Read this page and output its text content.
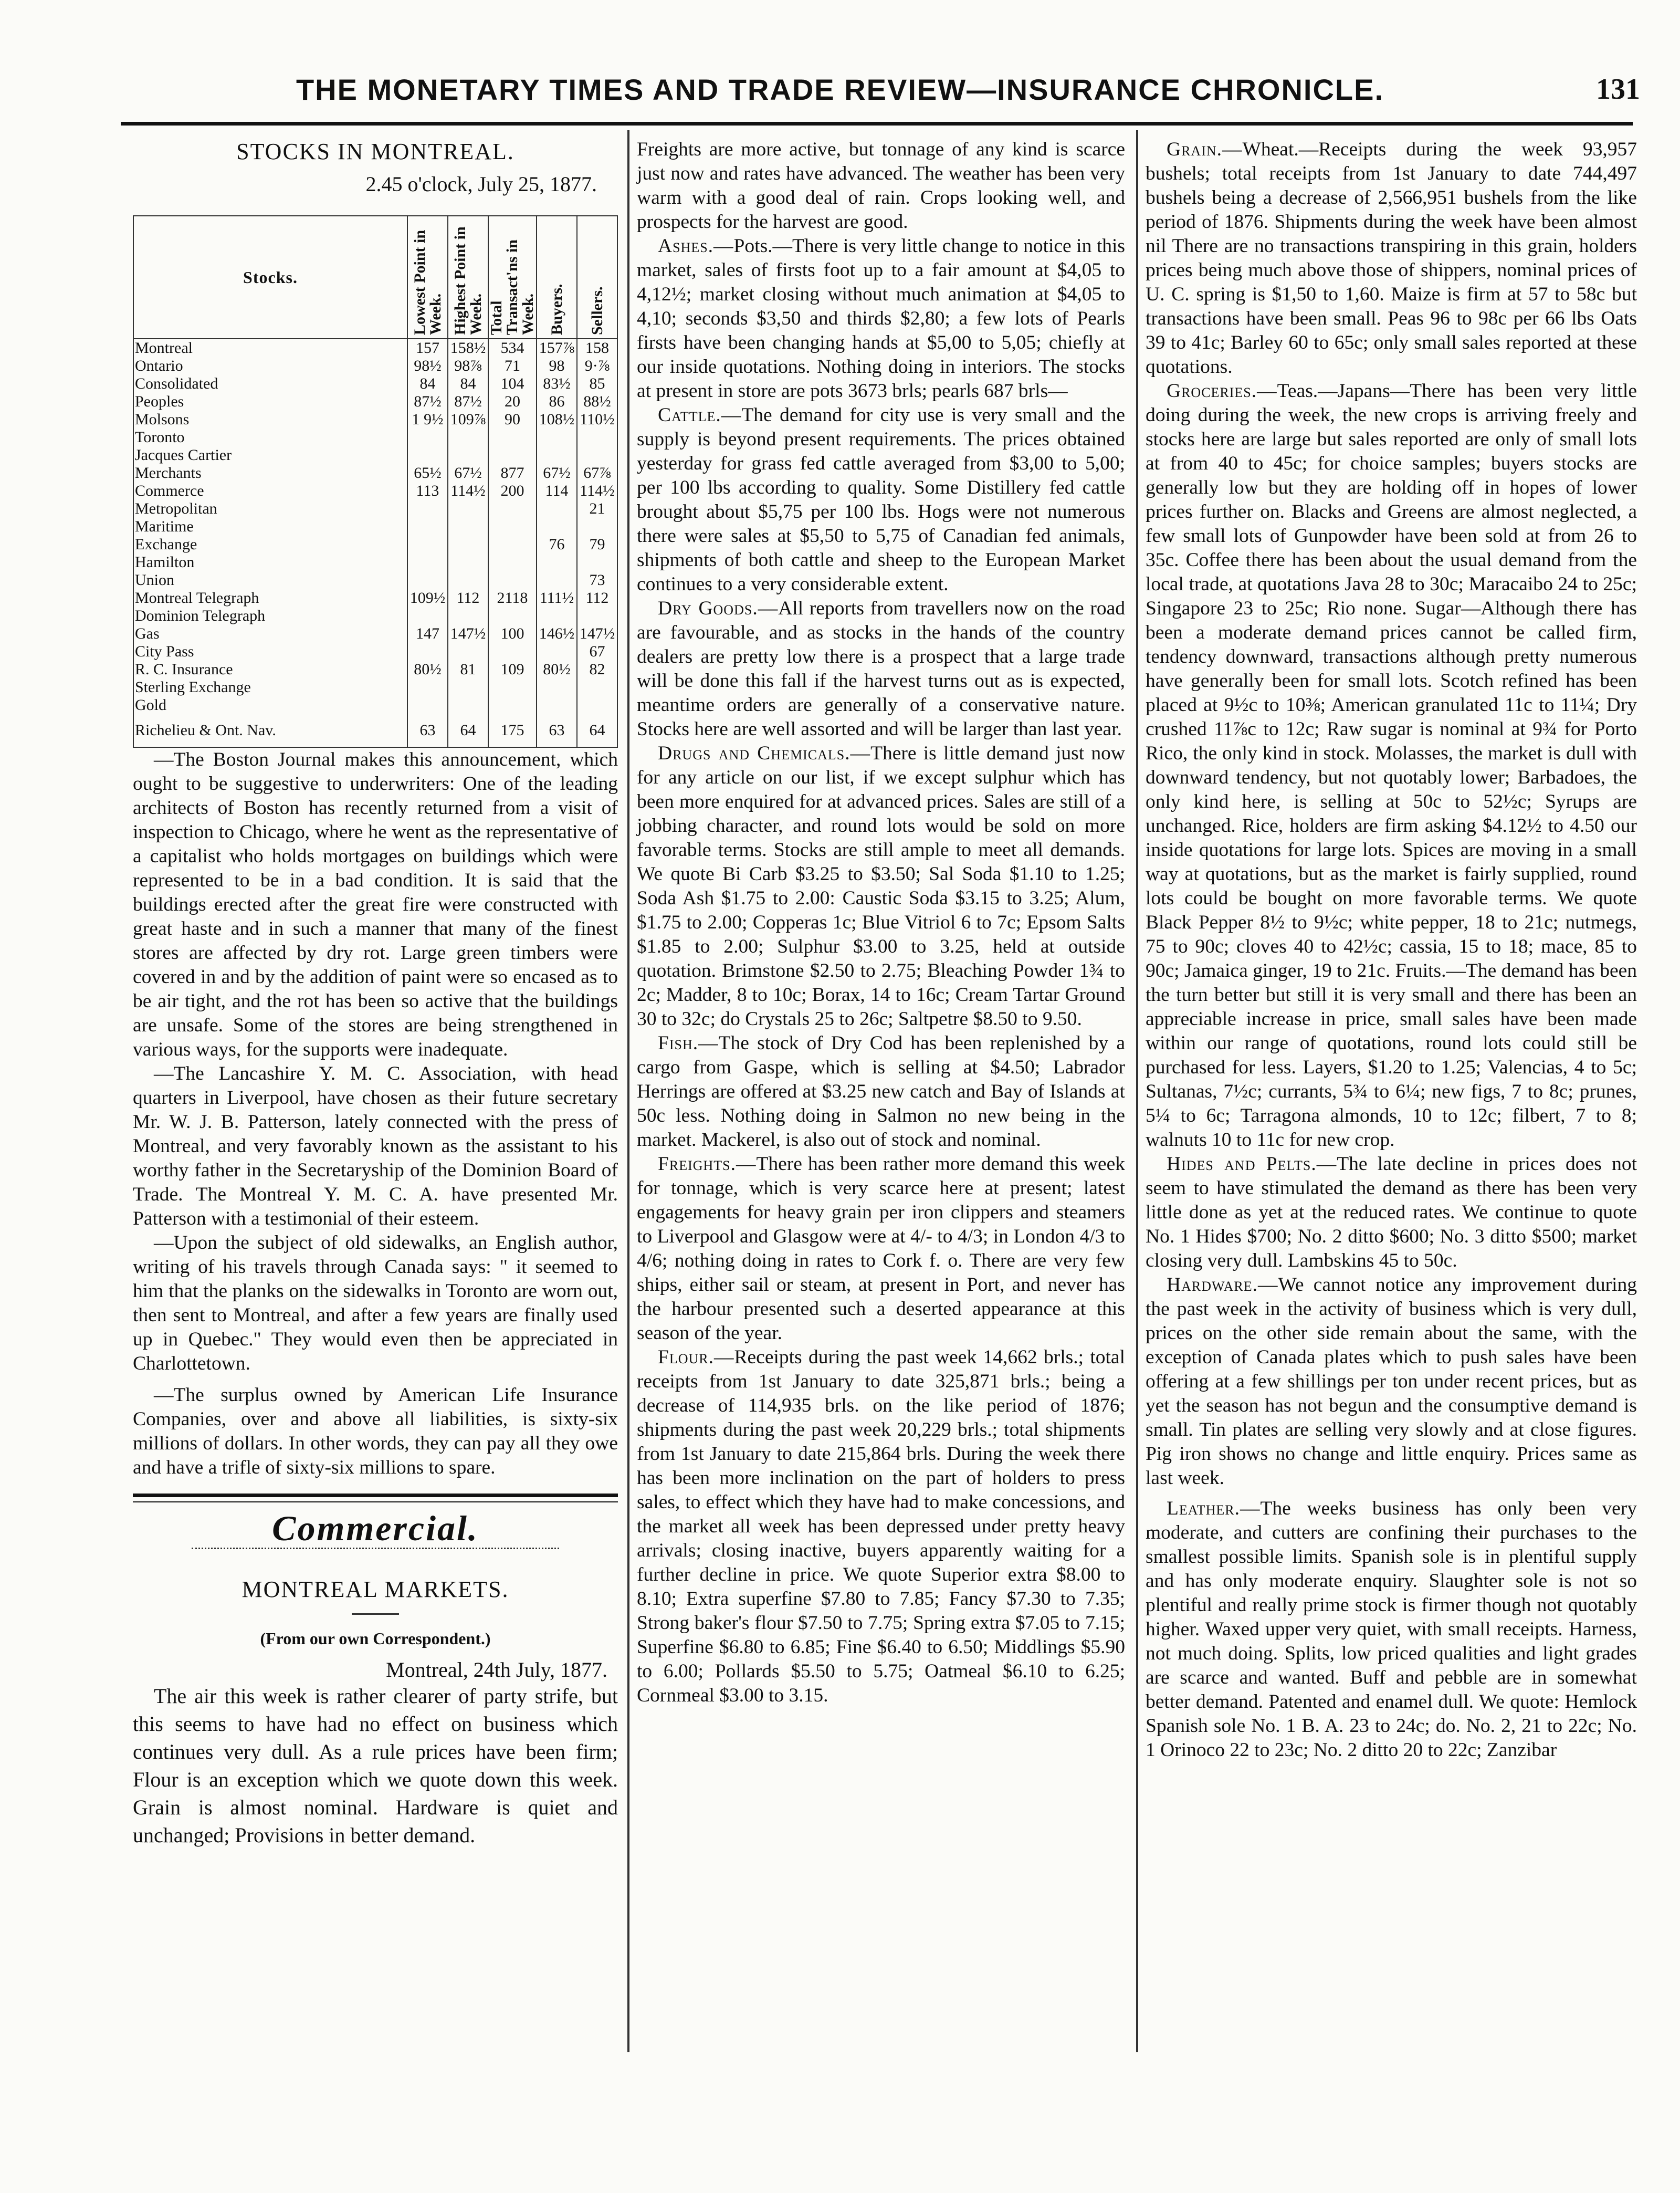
THE MONETARY TIMES AND TRADE REVIEW—INSURANCE CHRONICLE.	131
STOCKS IN MONTREAL.
2.45 o'clock, July 25, 1877.
Stocks.	Lowest Point in Week.	Highest Point in Week.	Total Transact'ns in Week.	Buyers.	Sellers.

Montreal	157	158½	534	157⅞	158
Ontario	98½	98⅞	71	98	9·⅞
Consolidated	84	84	104	83½	85
Peoples	87½	87½	20	86	88½
Molsons	1 9½	109⅞	90	108½	110½
Toronto					
Jacques Cartier					
Merchants	65½	67½	877	67½	67⅞
Commerce	113	114½	200	114	114½
Metropolitan					21
Maritime					
Exchange				76	79
Hamilton					
Union					73
Montreal Telegraph	109½	112	2118	111½	112
Dominion Telegraph					
Gas	147	147½	100	146½	147½
City Pass					67
R. C. Insurance	80½	81	109	80½	82
Sterling Exchange					
Gold					
Richelieu & Ont. Nav.	63	64	175	63	64

—The Boston Journal makes this announcement, which ought to be suggestive to underwriters: One of the leading architects of Boston has recently returned from a visit of inspection to Chicago, where he went as the representative of a capitalist who holds mortgages on buildings which were represented to be in a bad condition. It is said that the buildings erected after the great fire were constructed with great haste and in such a manner that many of the finest stores are affected by dry rot. Large green timbers were covered in and by the addition of paint were so encased as to be air tight, and the rot has been so active that the buildings are unsafe. Some of the stores are being strengthened in various ways, for the supports were inadequate.

—The Lancashire Y. M. C. Association, with head quarters in Liverpool, have chosen as their future secretary Mr. W. J. B. Patterson, lately connected with the press of Montreal, and very favorably known as the assistant to his worthy father in the Secretaryship of the Dominion Board of Trade. The Montreal Y. M. C. A. have presented Mr. Patterson with a testimonial of their esteem.

—Upon the subject of old sidewalks, an English author, writing of his travels through Canada says: " it seemed to him that the planks on the sidewalks in Toronto are worn out, then sent to Montreal, and after a few years are finally used up in Quebec." They would even then be appreciated in Charlottetown.

—The surplus owned by American Life Insurance Companies, over and above all liabilities, is sixty-six millions of dollars. In other words, they can pay all they owe and have a trifle of sixty-six millions to spare.

Commercial.
MONTREAL MARKETS.
(From our own Correspondent.)
Montreal, 24th July, 1877.

The air this week is rather clearer of party strife, but this seems to have had no effect on business which continues very dull. As a rule prices have been firm; Flour is an exception which we quote down this week. Grain is almost nominal. Hardware is quiet and unchanged; Provisions in better demand.

Freights are more active, but tonnage of any kind is scarce just now and rates have advanced. The weather has been very warm with a good deal of rain. Crops looking well, and prospects for the harvest are good.

Ashes.—Pots.—There is very little change to notice in this market, sales of firsts foot up to a fair amount at $4,05 to 4,12½; market closing without much animation at $4,05 to 4,10; seconds $3,50 and thirds $2,80; a few lots of Pearls firsts have been changing hands at $5,00 to 5,05; chiefly at our inside quotations. Nothing doing in interiors. The stocks at present in store are pots 3673 brls; pearls 687 brls—

Cattle.—The demand for city use is very small and the supply is beyond present requirements. The prices obtained yesterday for grass fed cattle averaged from $3,00 to 5,00; per 100 lbs according to quality. Some Distillery fed cattle brought about $5,75 per 100 lbs. Hogs were not numerous there were sales at $5,50 to 5,75 of Canadian fed animals, shipments of both cattle and sheep to the European Market continues to a very considerable extent.

Dry Goods.—All reports from travellers now on the road are favourable, and as stocks in the hands of the country dealers are pretty low there is a prospect that a large trade will be done this fall if the harvest turns out as is expected, meantime orders are generally of a conservative nature. Stocks here are well assorted and will be larger than last year.

Drugs and Chemicals.—There is little demand just now for any article on our list, if we except sulphur which has been more enquired for at advanced prices. Sales are still of a jobbing character, and round lots would be sold on more favorable terms. Stocks are still ample to meet all demands. We quote Bi Carb $3.25 to $3.50; Sal Soda $1.10 to 1.25; Soda Ash $1.75 to 2.00: Caustic Soda $3.15 to 3.25; Alum, $1.75 to 2.00; Copperas 1c; Blue Vitriol 6 to 7c; Epsom Salts $1.85 to 2.00; Sulphur $3.00 to 3.25, held at outside quotation. Brimstone $2.50 to 2.75; Bleaching Powder 1¾ to 2c; Madder, 8 to 10c; Borax, 14 to 16c; Cream Tartar Ground 30 to 32c; do Crystals 25 to 26c; Saltpetre $8.50 to 9.50.

Fish.—The stock of Dry Cod has been replenished by a cargo from Gaspe, which is selling at $4.50; Labrador Herrings are offered at $3.25 new catch and Bay of Islands at 50c less. Nothing doing in Salmon no new being in the market. Mackerel, is also out of stock and nominal.

Freights.—There has been rather more demand this week for tonnage, which is very scarce here at present; latest engagements for heavy grain per iron clippers and steamers to Liverpool and Glasgow were at 4/- to 4/3; in London 4/3 to 4/6; nothing doing in rates to Cork f. o. There are very few ships, either sail or steam, at present in Port, and never has the harbour presented such a deserted appearance at this season of the year.

Flour.—Receipts during the past week 14,662 brls.; total receipts from 1st January to date 325,871 brls.; being a decrease of 114,935 brls. on the like period of 1876; shipments during the past week 20,229 brls.; total shipments from 1st January to date 215,864 brls. During the week there has been more inclination on the part of holders to press sales, to effect which they have had to make concessions, and the market all week has been depressed under pretty heavy arrivals; closing inactive, buyers apparently waiting for a further decline in price. We quote Superior extra $8.00 to 8.10; Extra superfine $7.80 to 7.85; Fancy $7.30 to 7.35; Strong baker's flour $7.50 to 7.75; Spring extra $7.05 to 7.15; Superfine $6.80 to 6.85; Fine $6.40 to 6.50; Middlings $5.90 to 6.00; Pollards $5.50 to 5.75; Oatmeal $6.10 to 6.25; Cornmeal $3.00 to 3.15.

Grain.—Wheat.—Receipts during the week 93,957 bushels; total receipts from 1st January to date 744,497 bushels being a decrease of 2,566,951 bushels from the like period of 1876. Shipments during the week have been almost nil There are no transactions transpiring in this grain, holders prices being much above those of shippers, nominal prices of U. C. spring is $1,50 to 1,60. Maize is firm at 57 to 58c but transactions have been small. Peas 96 to 98c per 66 lbs Oats 39 to 41c; Barley 60 to 65c; only small sales reported at these quotations.

Groceries.—Teas.—Japans—There has been very little doing during the week, the new crops is arriving freely and stocks here are large but sales reported are only of small lots at from 40 to 45c; for choice samples; buyers stocks are generally low but they are holding off in hopes of lower prices further on. Blacks and Greens are almost neglected, a few small lots of Gunpowder have been sold at from 26 to 35c. Coffee there has been about the usual demand from the local trade, at quotations Java 28 to 30c; Maracaibo 24 to 25c; Singapore 23 to 25c; Rio none. Sugar—Although there has been a moderate demand prices cannot be called firm, tendency downward, transactions although pretty numerous have generally been for small lots. Scotch refined has been placed at 9½c to 10⅜; American granulated 11c to 11¼; Dry crushed 11⅞c to 12c; Raw sugar is nominal at 9¾ for Porto Rico, the only kind in stock. Molasses, the market is dull with downward tendency, but not quotably lower; Barbadoes, the only kind here, is selling at 50c to 52½c; Syrups are unchanged. Rice, holders are firm asking $4.12½ to 4.50 our inside quotations for large lots. Spices are moving in a small way at quotations, but as the market is fairly supplied, round lots could be bought on more favorable terms. We quote Black Pepper 8½ to 9½c; white pepper, 18 to 21c; nutmegs, 75 to 90c; cloves 40 to 42½c; cassia, 15 to 18; mace, 85 to 90c; Jamaica ginger, 19 to 21c. Fruits.—The demand has been the turn better but still it is very small and there has been an appreciable increase in price, small sales have been made within our range of quotations, round lots could still be purchased for less. Layers, $1.20 to 1.25; Valencias, 4 to 5c; Sultanas, 7½c; currants, 5¾ to 6¼; new figs, 7 to 8c; prunes, 5¼ to 6c; Tarragona almonds, 10 to 12c; filbert, 7 to 8; walnuts 10 to 11c for new crop.

Hides and Pelts.—The late decline in prices does not seem to have stimulated the demand as there has been very little done as yet at the reduced rates. We continue to quote No. 1 Hides $700; No. 2 ditto $600; No. 3 ditto $500; market closing very dull. Lambskins 45 to 50c.

Hardware.—We cannot notice any improvement during the past week in the activity of business which is very dull, prices on the other side remain about the same, with the exception of Canada plates which to push sales have been offering at a few shillings per ton under recent prices, but as yet the season has not begun and the consumptive demand is small. Tin plates are selling very slowly and at close figures. Pig iron shows no change and little enquiry. Prices same as last week.

Leather.—The weeks business has only been very moderate, and cutters are confining their purchases to the smallest possible limits. Spanish sole is in plentiful supply and has only moderate enquiry. Slaughter sole is not so plentiful and really prime stock is firmer though not quotably higher. Waxed upper very quiet, with small receipts. Harness, not much doing. Splits, low priced qualities and light grades are scarce and wanted. Buff and pebble are in somewhat better demand. Patented and enamel dull. We quote: Hemlock Spanish sole No. 1 B. A. 23 to 24c; do. No. 2, 21 to 22c; No. 1 Orinoco 22 to 23c; No. 2 ditto 20 to 22c; Zanzibar
